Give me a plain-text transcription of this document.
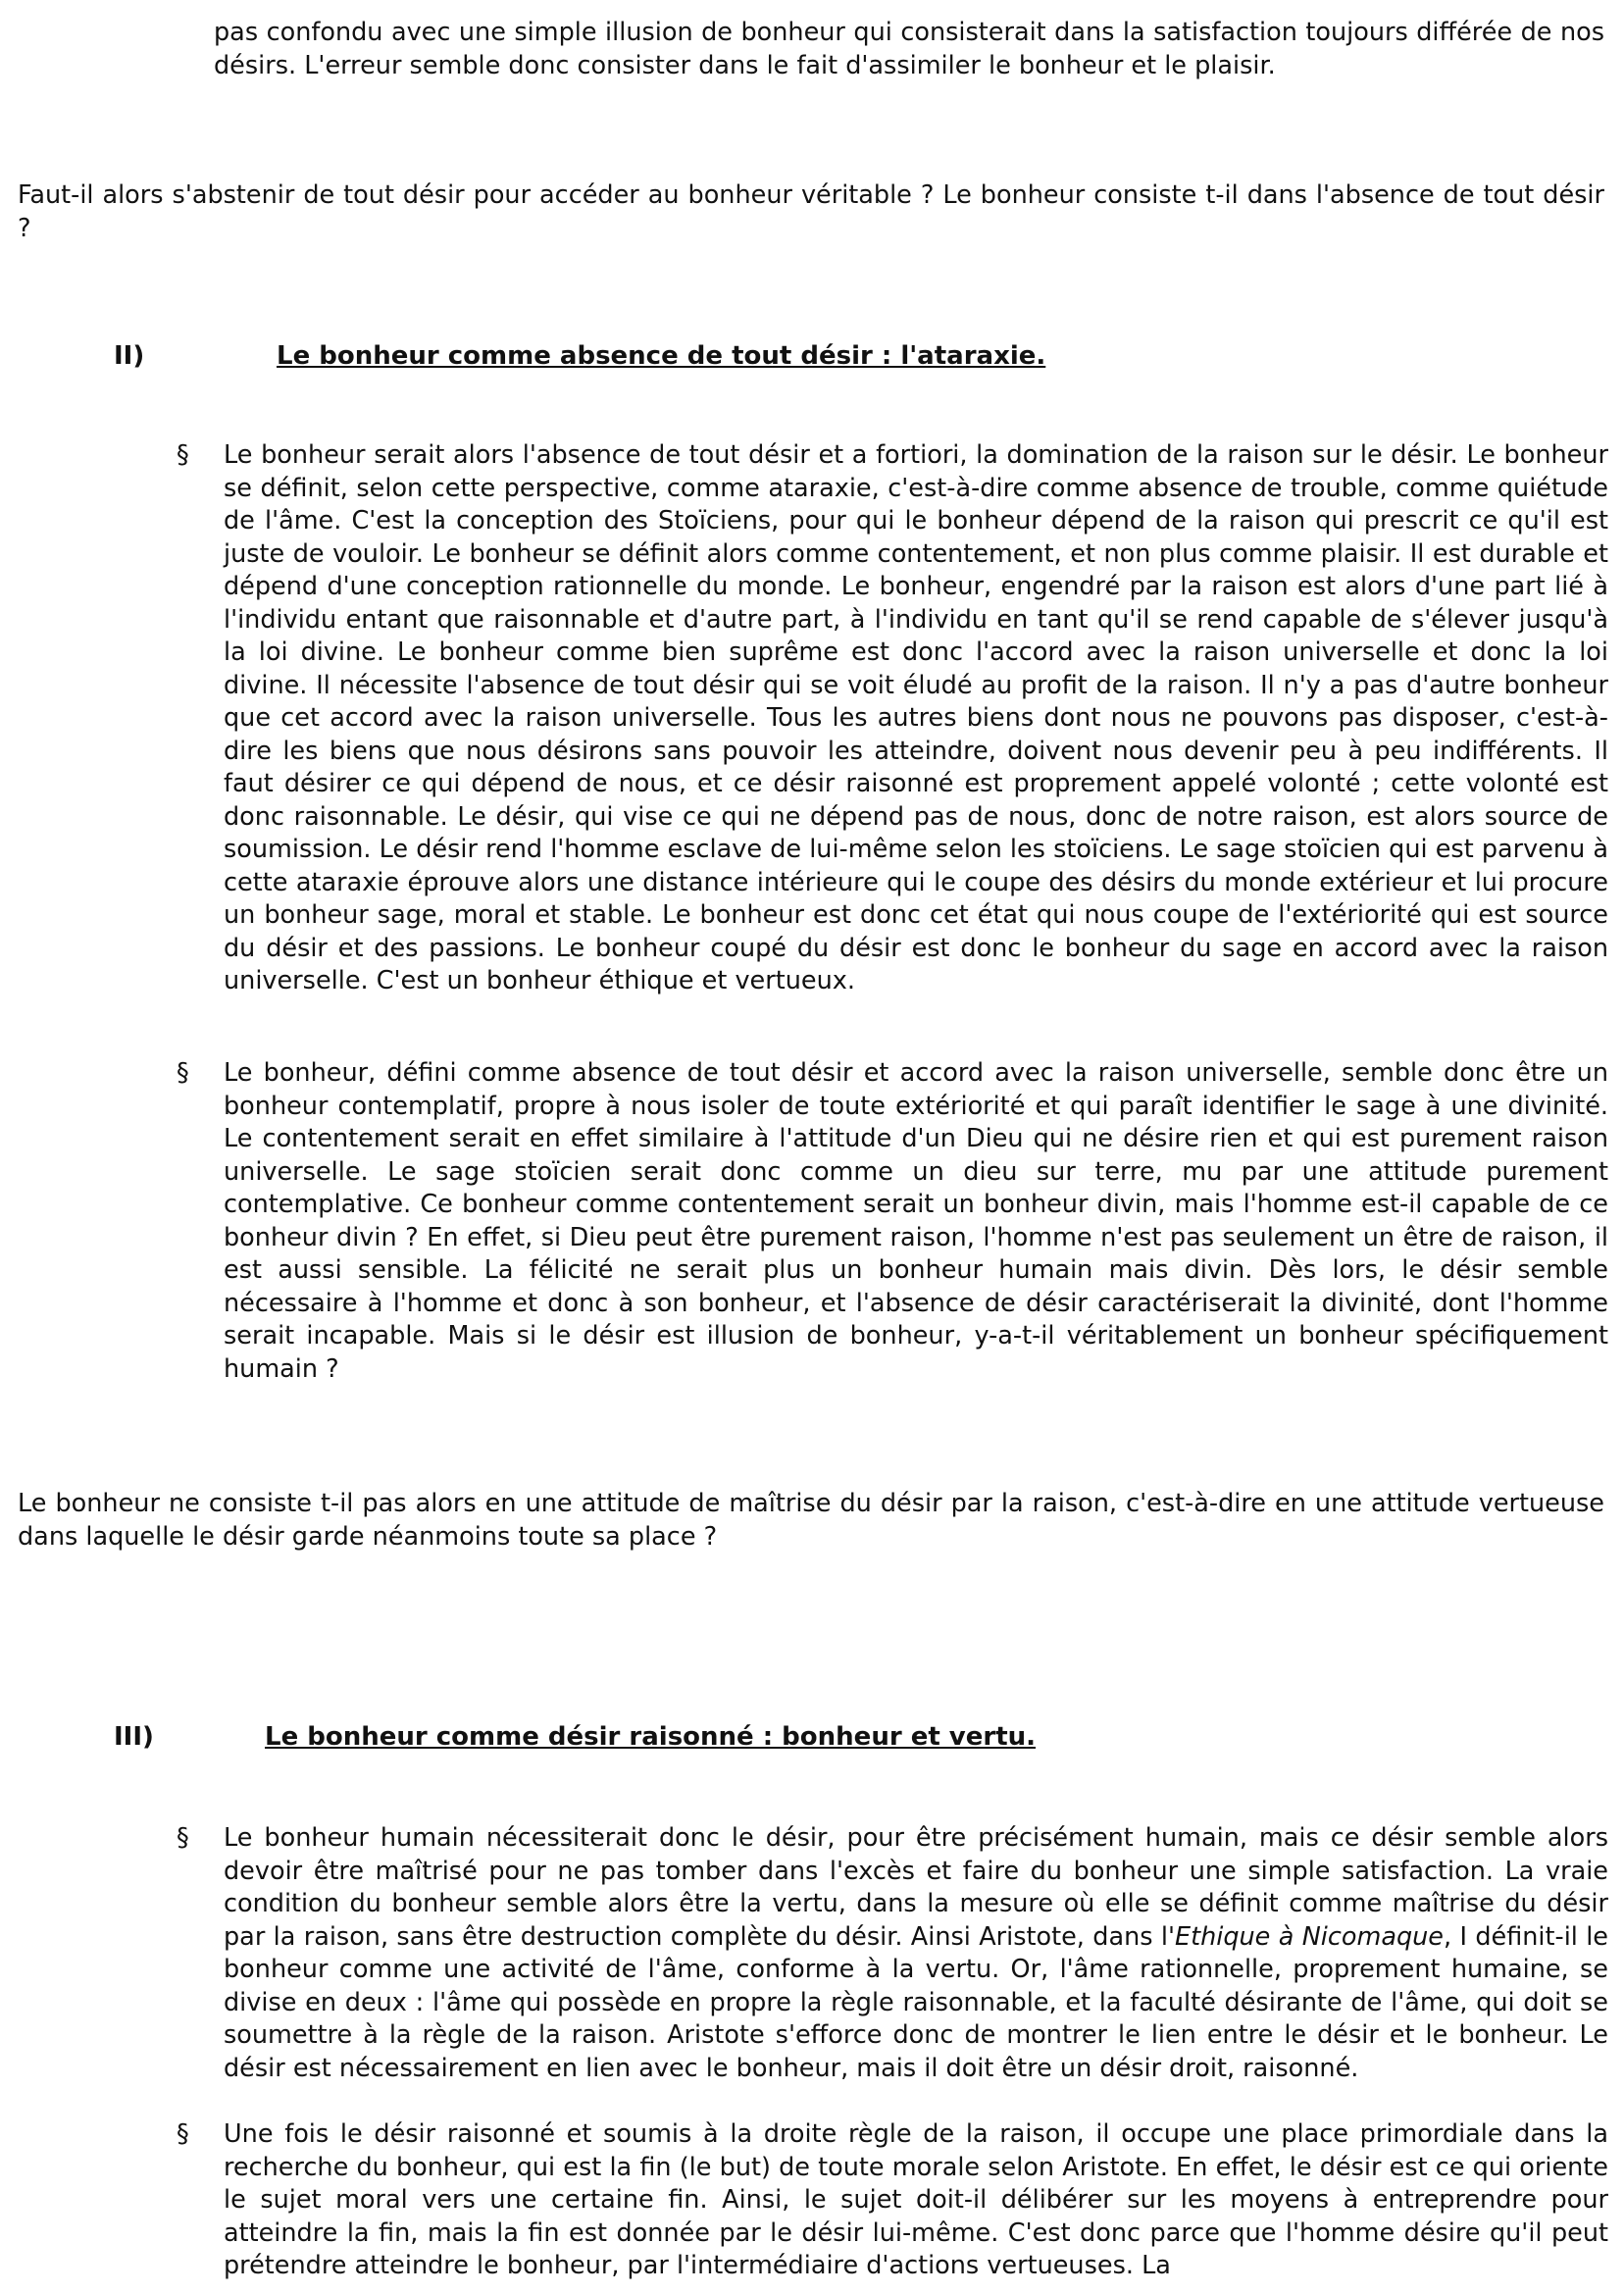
pas confondu avec une simple illusion de bonheur qui consisterait dans la satisfaction toujours différée de nos désirs. L'erreur semble donc consister dans le fait d'assimiler le bonheur et le plaisir.

Faut-il alors s'abstenir de tout désir pour accéder au bonheur véritable ? Le bonheur consiste t-il dans l'absence de tout désir ?

II)	Le bonheur comme absence de tout désir : l'ataraxie.
§	Le bonheur serait alors l'absence de tout désir et a fortiori, la domination de la raison sur le désir. Le bonheur se définit, selon cette perspective, comme ataraxie, c'est-à-dire comme absence de trouble, comme quiétude de l'âme. C'est la conception des Stoïciens, pour qui le bonheur dépend de la raison qui prescrit ce qu'il est juste de vouloir. Le bonheur se définit alors comme contentement, et non plus comme plaisir. Il est durable et dépend d'une conception rationnelle du monde. Le bonheur, engendré par la raison est alors d'une part lié à l'individu entant que raisonnable et d'autre part, à l'individu en tant qu'il se rend capable de s'élever jusqu'à la loi divine. Le bonheur comme bien suprême est donc l'accord avec la raison universelle et donc la loi divine. Il nécessite l'absence de tout désir qui se voit éludé au profit de la raison. Il n'y a pas d'autre bonheur que cet accord avec la raison universelle. Tous les autres biens dont nous ne pouvons pas disposer, c'est-à-dire les biens que nous désirons sans pouvoir les atteindre, doivent nous devenir peu à peu indifférents. Il faut désirer ce qui dépend de nous, et ce désir raisonné est proprement appelé volonté ; cette volonté est donc raisonnable. Le désir, qui vise ce qui ne dépend pas de nous, donc de notre raison, est alors source de soumission. Le désir rend l'homme esclave de lui-même selon les stoïciens. Le sage stoïcien qui est parvenu à cette ataraxie éprouve alors une distance intérieure qui le coupe des désirs du monde extérieur et lui procure un bonheur sage, moral et stable. Le bonheur est donc cet état qui nous coupe de l'extériorité qui est source du désir et des passions. Le bonheur coupé du désir est donc le bonheur du sage en accord avec la raison universelle. C'est un bonheur éthique et vertueux.
§	Le bonheur, défini comme absence de tout désir et accord avec la raison universelle, semble donc être un bonheur contemplatif, propre à nous isoler de toute extériorité et qui paraît identifier le sage à une divinité. Le contentement serait en effet similaire à l'attitude d'un Dieu qui ne désire rien et qui est purement raison universelle. Le sage stoïcien serait donc comme un dieu sur terre, mu par une attitude purement contemplative. Ce bonheur comme contentement serait un bonheur divin, mais l'homme est-il capable de ce bonheur divin ? En effet, si Dieu peut être purement raison, l'homme n'est pas seulement un être de raison, il est aussi sensible. La félicité ne serait plus un bonheur humain mais divin. Dès lors, le désir semble nécessaire à l'homme et donc à son bonheur, et l'absence de désir caractériserait la divinité, dont l'homme serait incapable. Mais si le désir est illusion de bonheur, y-a-t-il véritablement un bonheur spécifiquement humain ?

Le bonheur ne consiste t-il pas alors en une attitude de maîtrise du désir par la raison, c'est-à-dire en une attitude vertueuse dans laquelle le désir garde néanmoins toute sa place ?

III)	Le bonheur comme désir raisonné : bonheur et vertu.
§	Le bonheur humain nécessiterait donc le désir, pour être précisément humain, mais ce désir semble alors devoir être maîtrisé pour ne pas tomber dans l'excès et faire du bonheur une simple satisfaction. La vraie condition du bonheur semble alors être la vertu, dans la mesure où elle se définit comme maîtrise du désir par la raison, sans être destruction complète du désir. Ainsi Aristote, dans l'Ethique à Nicomaque, I définit-il le bonheur comme une activité de l'âme, conforme à la vertu. Or, l'âme rationnelle, proprement humaine, se divise en deux : l'âme qui possède en propre la règle raisonnable, et la faculté désirante de l'âme, qui doit se soumettre à la règle de la raison. Aristote s'efforce donc de montrer le lien entre le désir et le bonheur. Le désir est nécessairement en lien avec le bonheur, mais il doit être un désir droit, raisonné.
§	Une fois le désir raisonné et soumis à la droite règle de la raison, il occupe une place primordiale dans la recherche du bonheur, qui est la fin (le but) de toute morale selon Aristote. En effet, le désir est ce qui oriente le sujet moral vers une certaine fin. Ainsi, le sujet doit-il délibérer sur les moyens à entreprendre pour atteindre la fin, mais la fin est donnée par le désir lui-même. C'est donc parce que l'homme désire qu'il peut prétendre atteindre le bonheur, par l'intermédiaire d'actions vertueuses. La
